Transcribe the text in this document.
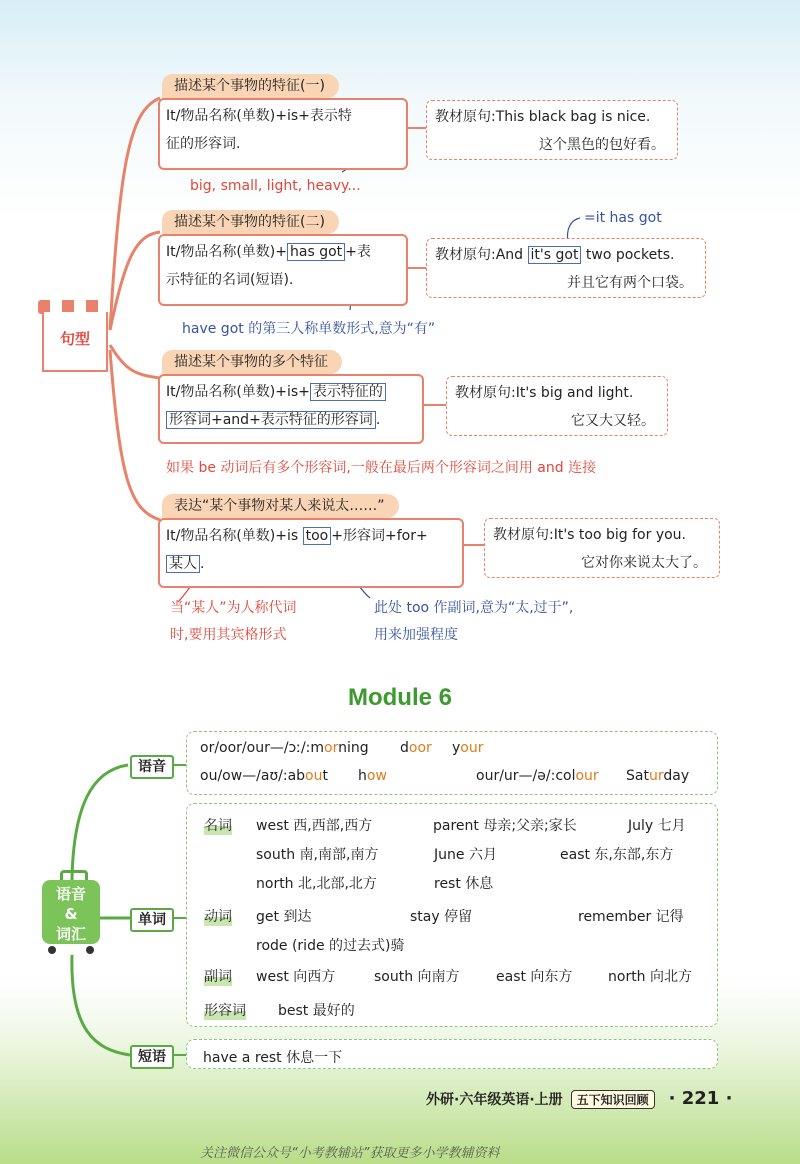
句型
描述某个事物的特征(一)
It/物品名称(单数)+is+表示特
征的形容词.
教材原句:This black bag is nice.
这个黑色的包好看。
big, small, light, heavy...
描述某个事物的特征(二)
It/物品名称(单数)+ has got +表
示特征的名词(短语).
=it has got
教材原句:And it's got two pockets.
并且它有两个口袋。
have got 的第三人称单数形式,意为“有”
描述某个事物的多个特征
It/物品名称(单数)+is+ 表示特征的
形容词+and+表示特征的形容词 .
教材原句:It's big and light.
它又大又轻。
如果 be 动词后有多个形容词,一般在最后两个形容词之间用 and 连接
表达“某个事物对某人来说太……”
It/物品名称(单数)+is too +形容词+for+
某人 .
教材原句:It's too big for you.
它对你来说太大了。
当“某人”为人称代词
时,要用其宾格形式
此处 too 作副词,意为“太,过于”,
用来加强程度
Module 6
语音
&
词汇
语音
or/oor/our—/ɔː/:morning door your
ou/ow—/aʊ/:about how	our/ur—/ə/:colour Saturday
单词
名词 west 西,西部,西方	parent 母亲;父亲;家长	July 七月
south 南,南部,南方	June 六月	east 东,东部,东方
north 北,北部,北方	rest 休息
动词 get 到达	stay 停留	remember 记得
rode (ride 的过去式)骑
副词 west 向西方	south 向南方	east 向东方	north 向北方
形容词 best 最好的
短语	have a rest 休息一下
外研·六年级英语·上册 五下知识回顾 · 221 ·
关注微信公众号“小考教辅站”获取更多小学教辅资料
